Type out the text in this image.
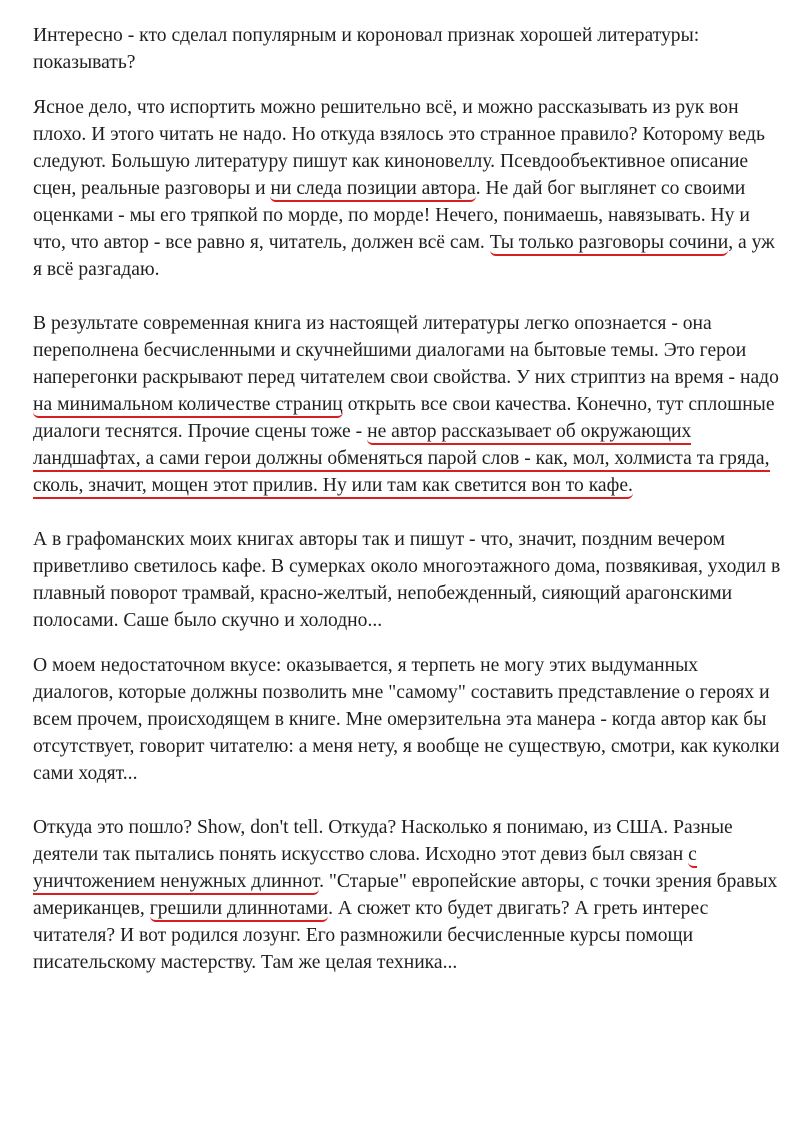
Интересно - кто сделал популярным и короновал признак хорошей литературы: показывать?

Ясное дело, что испортить можно решительно всё, и можно рассказывать из рук вон плохо. И этого читать не надо. Но откуда взялось это странное правило? Которому ведь следуют. Большую литературу пишут как киноновеллу. Псевдообъективное описание сцен, реальные разговоры и ни следа позиции автора. Не дай бог выглянет со своими оценками - мы его тряпкой по морде, по морде! Нечего, понимаешь, навязывать. Ну и что, что автор - все равно я, читатель, должен всё сам. Ты только разговоры сочини, а уж я всё разгадаю.

В результате современная книга из настоящей литературы легко опознается - она переполнена бесчисленными и скучнейшими диалогами на бытовые темы. Это герои наперегонки раскрывают перед читателем свои свойства. У них стриптиз на время - надо на минимальном количестве страниц открыть все свои качества. Конечно, тут сплошные диалоги теснятся. Прочие сцены тоже - не автор рассказывает об окружающих ландшафтах, а сами герои должны обменяться парой слов - как, мол, холмиста та гряда, сколь, значит, мощен этот прилив. Ну или там как светится вон то кафе.

А в графоманских моих книгах авторы так и пишут - что, значит, поздним вечером приветливо светилось кафе. В сумерках около многоэтажного дома, позвякивая, уходил в плавный поворот трамвай, красно-желтый, непобежденный, сияющий арагонскими полосами. Саше было скучно и холодно...

О моем недостаточном вкусе: оказывается, я терпеть не могу этих выдуманных диалогов, которые должны позволить мне "самому" составить представление о героях и всем прочем, происходящем в книге. Мне омерзительна эта манера - когда автор как бы отсутствует, говорит читателю: а меня нету, я вообще не существую, смотри, как куколки сами ходят...

Откуда это пошло? Show, don't tell. Откуда? Насколько я понимаю, из США. Разные деятели так пытались понять искусство слова. Исходно этот девиз был связан с уничтожением ненужных длиннот. "Старые" европейские авторы, с точки зрения бравых американцев, грешили длиннотами. А сюжет кто будет двигать? А греть интерес читателя? И вот родился лозунг. Его размножили бесчисленные курсы помощи писательскому мастерству. Там же целая техника...
